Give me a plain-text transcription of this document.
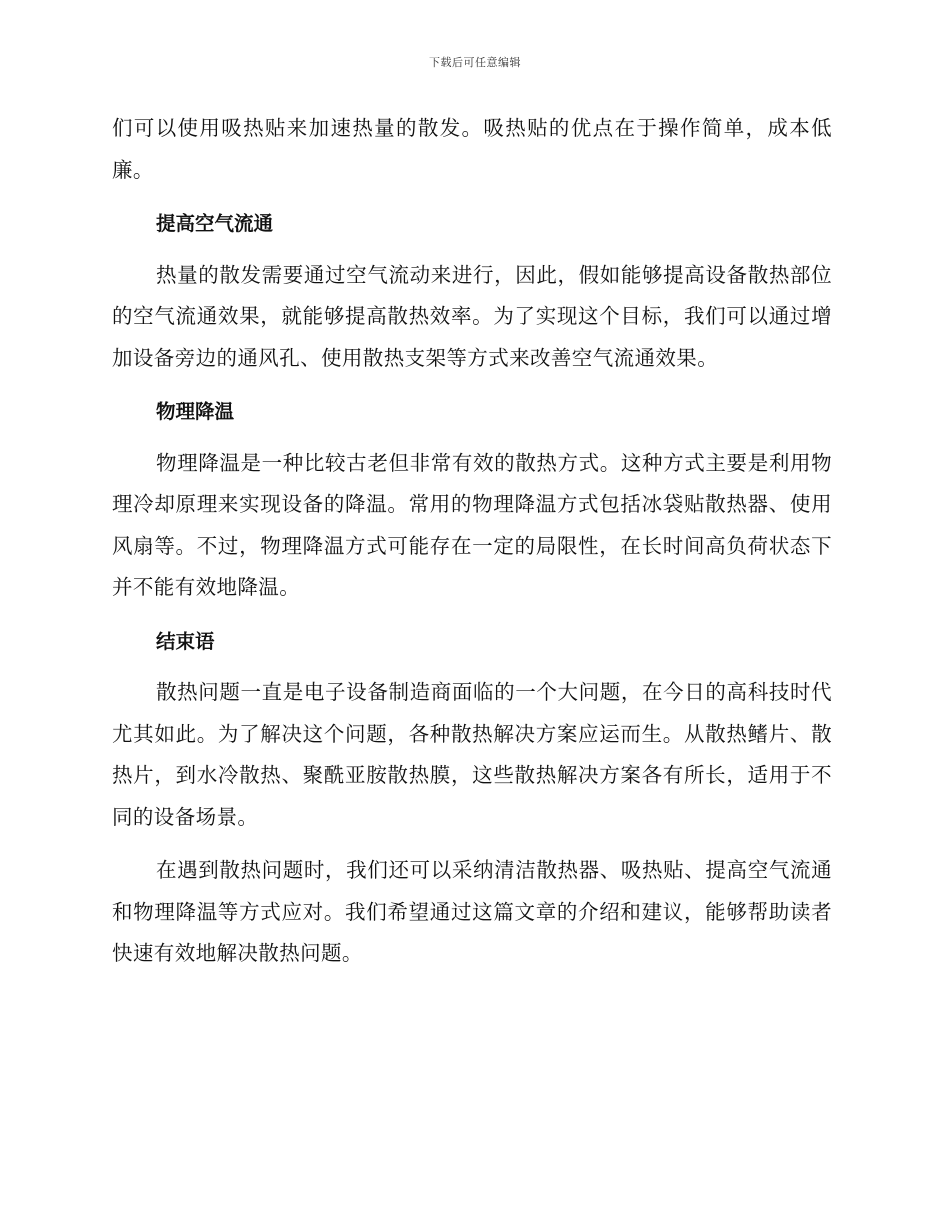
下载后可任意编辑

们可以使用吸热贴来加速热量的散发。吸热贴的优点在于操作简单，成本低廉。

提高空气流通

热量的散发需要通过空气流动来进行，因此，假如能够提高设备散热部位的空气流通效果，就能够提高散热效率。为了实现这个目标，我们可以通过增加设备旁边的通风孔、使用散热支架等方式来改善空气流通效果。

物理降温

物理降温是一种比较古老但非常有效的散热方式。这种方式主要是利用物理冷却原理来实现设备的降温。常用的物理降温方式包括冰袋贴散热器、使用风扇等。不过，物理降温方式可能存在一定的局限性，在长时间高负荷状态下并不能有效地降温。

结束语

散热问题一直是电子设备制造商面临的一个大问题，在今日的高科技时代尤其如此。为了解决这个问题，各种散热解决方案应运而生。从散热鳍片、散热片，到水冷散热、聚酰亚胺散热膜，这些散热解决方案各有所长，适用于不同的设备场景。

在遇到散热问题时，我们还可以采纳清洁散热器、吸热贴、提高空气流通和物理降温等方式应对。我们希望通过这篇文章的介绍和建议，能够帮助读者快速有效地解决散热问题。
